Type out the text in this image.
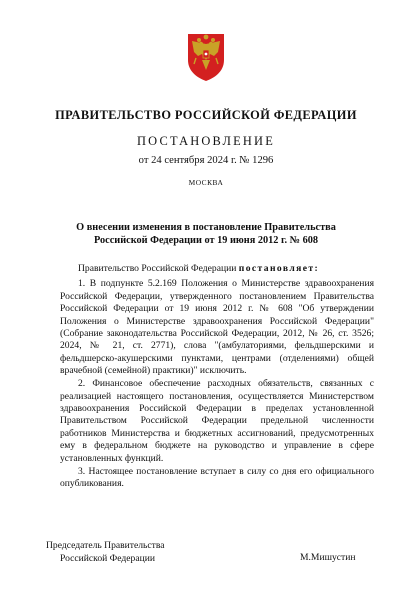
ПРАВИТЕЛЬСТВО РОССИЙСКОЙ ФЕДЕРАЦИИ
ПОСТАНОВЛЕНИЕ
от 24 сентября 2024 г. № 1296
МОСКВА
О внесении изменения в постановление Правительства
Российской Федерации от 19 июня 2012 г. № 608

Правительство Российской Федерации постановляет:

1. В подпункте 5.2.169 Положения о Министерстве здравоохранения Российской Федерации, утвержденного постановлением Правительства Российской Федерации от 19 июня 2012 г. № 608 "Об утверждении Положения о Министерстве здравоохранения Российской Федерации" (Собрание законодательства Российской Федерации, 2012, № 26, ст. 3526; 2024, № 21, ст. 2771), слова "(амбулаториями, фельдшерскими и фельдшерско-акушерскими пунктами, центрами (отделениями) общей врачебной (семейной) практики)" исключить.

2. Финансовое обеспечение расходных обязательств, связанных с реализацией настоящего постановления, осуществляется Министерством здравоохранения Российской Федерации в пределах установленной Правительством Российской Федерации предельной численности работников Министерства и бюджетных ассигнований, предусмотренных ему в федеральном бюджете на руководство и управление в сфере установленных функций.

3. Настоящее постановление вступает в силу со дня его официального опубликования.

Председатель Правительства
Российской Федерации	М.Мишустин
